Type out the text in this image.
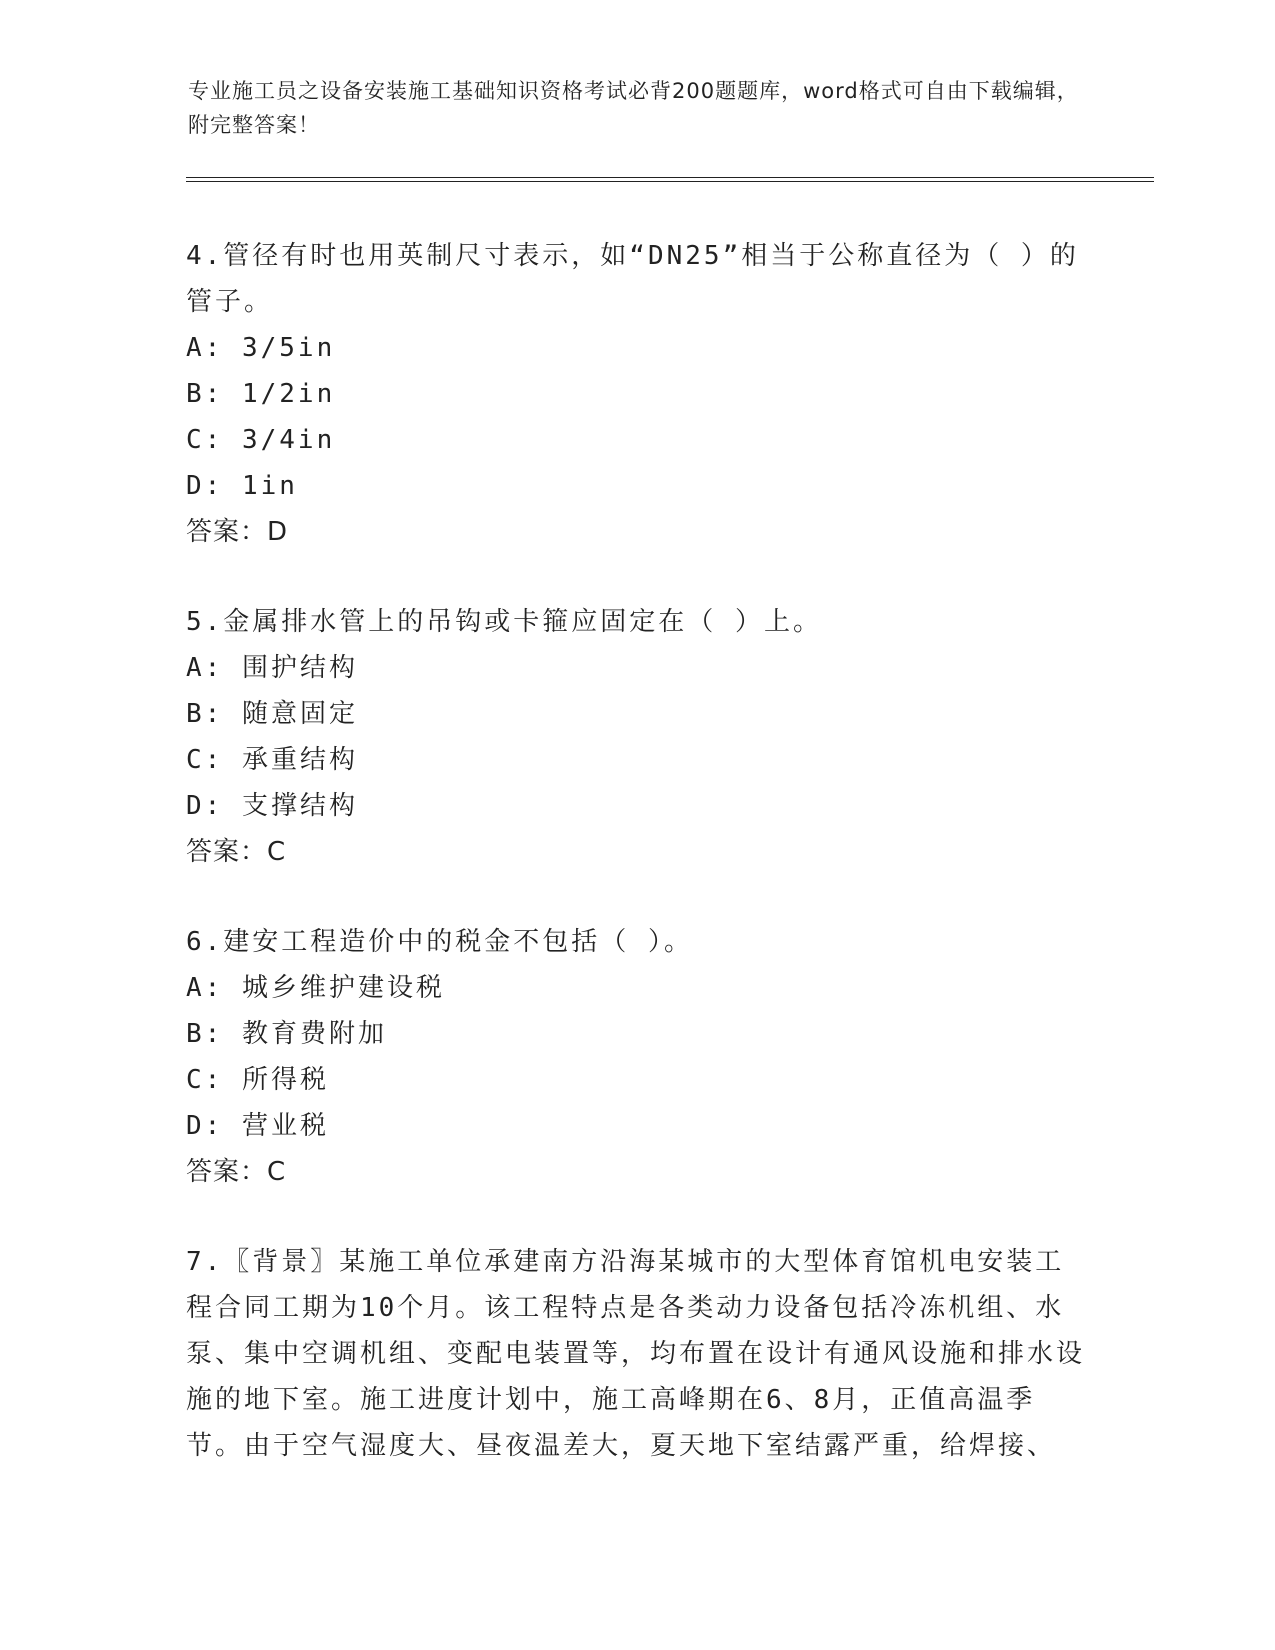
专业施工员之设备安装施工基础知识资格考试必背200题题库，word格式可自由下载编辑，附完整答案！
4.管径有时也用英制尺寸表示，如“DN25”相当于公称直径为（ ）的管子。
A: 3/5in
B: 1/2in
C: 3/4in
D: 1in
答案：D
5.金属排水管上的吊钩或卡箍应固定在（ ）上。
A: 围护结构
B: 随意固定
C: 承重结构
D: 支撑结构
答案：C
6.建安工程造价中的税金不包括（ ）。
A: 城乡维护建设税
B: 教育费附加
C: 所得税
D: 营业税
答案：C
7.〖背景〗某施工单位承建南方沿海某城市的大型体育馆机电安装工程合同工期为10个月。该工程特点是各类动力设备包括冷冻机组、水泵、集中空调机组、变配电装置等，均布置在设计有通风设施和排水设施的地下室。施工进度计划中，施工高峰期在6、8月，正值高温季节。由于空气湿度大、昼夜温差大，夏天地下室结露严重，给焊接、
